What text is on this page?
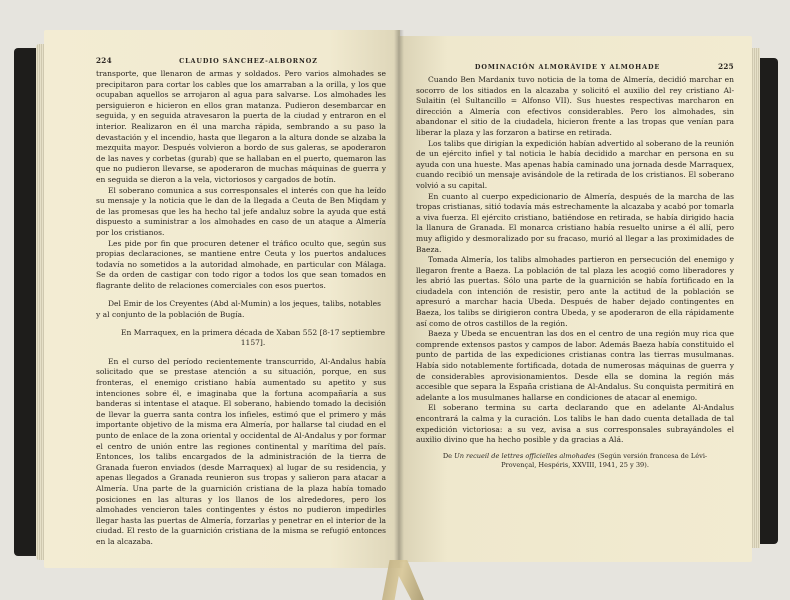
224	CLAUDIO SÁNCHEZ-ALBORNOZ

transporte, que llenaron de armas y soldados. Pero varios almohades se precipitaron para cortar los cables que los amarraban a la orilla, y los que ocupaban aquellos se arrojaron al agua para salvarse. Los almohades les persiguieron e hicieron en ellos gran matanza. Pudieron desembarcar en seguida, y en seguida atravesaron la puerta de la ciudad y entraron en el interior. Realizaron en él una marcha rápida, sembrando a su paso la devastación y el incendio, hasta que llegaron a la altura donde se alzaba la mezquita mayor. Después volvieron a bordo de sus galeras, se apoderaron de las naves y corbetas (gurab) que se hallaban en el puerto, quemaron las que no pudieron llevarse, se apoderaron de muchas máquinas de guerra y en seguida se dieron a la vela, victoriosos y cargados de botín.

El soberano comunica a sus corresponsales el interés con que ha leído su mensaje y la noticia que le dan de la llegada a Ceuta de Ben Miqdam y de las promesas que les ha hecho tal jefe andaluz sobre la ayuda que está dispuesto a suministrar a los almohades en caso de un ataque a Almería por los cristianos.

Les pide por fin que procuren detener el tráfico oculto que, según sus propias declaraciones, se mantiene entre Ceuta y los puertos andaluces todavía no sometidos a la autoridad almohade, en particular con Málaga. Se da orden de castigar con todo rigor a todos los que sean tomados en flagrante delito de relaciones comerciales con esos puertos.

Del Emir de los Creyentes (Abd al-Mumin) a los jeques, talibs, notables y al conjunto de la población de Bugía.

En Marraquex, en la primera década de Xaban 552 [8-17 septiembre 1157].

En el curso del período recientemente transcurrido, Al-Andalus había solicitado que se prestase atención a su situación, porque, en sus fronteras, el enemigo cristiano había aumentado su apetito y sus intenciones sobre él, e imaginaba que la fortuna acompañaría a sus banderas si intentase el ataque. El soberano, habiendo tomado la decisión de llevar la guerra santa contra los infieles, estimó que el primero y más importante objetivo de la misma era Almería, por hallarse tal ciudad en el punto de enlace de la zona oriental y occidental de Al-Andalus y por formar el centro de unión entre las regiones continental y marítima del país. Entonces, los talibs encargados de la administración de la tierra de Granada fueron enviados (desde Marraquex) al lugar de su residencia, y apenas llegados a Granada reunieron sus tropas y salieron para atacar a Almería. Una parte de la guarnición cristiana de la plaza había tomado posiciones en las alturas y los llanos de los alrededores, pero los almohades vencieron tales contingentes y éstos no pudieron impedirles llegar hasta las puertas de Almería, forzarlas y penetrar en el interior de la ciudad. El resto de la guarnición cristiana de la misma se refugió entonces en la alcazaba.

DOMINACIÓN ALMORÁVIDE Y ALMOHADE	225

Cuando Ben Mardanix tuvo noticia de la toma de Almería, decidió marchar en socorro de los sitiados en la alcazaba y solicitó el auxilio del rey cristiano Al-Sulaitin (el Sultancillo = Alfonso VII). Sus huestes respectivas marcharon en dirección a Almería con efectivos considerables. Pero los almohades, sin abandonar el sitio de la ciudadela, hicieron frente a las tropas que venían para liberar la plaza y las forzaron a batirse en retirada.

Los talibs que dirigían la expedición habían advertido al soberano de la reunión de un ejército infiel y tal noticia le había decidido a marchar en persona en su ayuda con una hueste. Mas apenas había caminado una jornada desde Marraquex, cuando recibió un mensaje avisándole de la retirada de los cristianos. El soberano volvió a su capital.

En cuanto al cuerpo expedicionario de Almería, después de la marcha de las tropas cristianas, sitió todavía más estrechamente la alcazaba y acabó por tomarla a viva fuerza. El ejército cristiano, batiéndose en retirada, se había dirigido hacia la llanura de Granada. El monarca cristiano había resuelto unirse a él allí, pero muy afligido y desmoralizado por su fracaso, murió al llegar a las proximidades de Baeza.

Tomada Almería, los talibs almohades partieron en persecución del enemigo y llegaron frente a Baeza. La población de tal plaza les acogió como liberadores y les abrió las puertas. Sólo una parte de la guarnición se había fortificado en la ciudadela con intención de resistir, pero ante la actitud de la población se apresuró a marchar hacia Ubeda. Después de haber dejado contingentes en Baeza, los talibs se dirigieron contra Ubeda, y se apoderaron de ella rápidamente así como de otros castillos de la región.

Baeza y Ubeda se encuentran las dos en el centro de una región muy rica que comprende extensos pastos y campos de labor. Además Baeza había constituido el punto de partida de las expediciones cristianas contra las tierras musulmanas. Había sido notablemente fortificada, dotada de numerosas máquinas de guerra y de considerables aprovisionamientos. Desde ella se domina la región más accesible que separa la España cristiana de Al-Andalus. Su conquista permitirá en adelante a los musulmanes hallarse en condiciones de atacar al enemigo.

El soberano termina su carta declarando que en adelante Al-Andalus encontrará la calma y la curación. Los talibs le han dado cuenta detallada de tal expedición victoriosa: a su vez, avisa a sus corresponsales subrayándoles el auxilio divino que ha hecho posible y da gracias a Alá.

De Un recueil de lettres officielles almohades (Según versión francesa de Lévi-Provençal, Hespéris, XXVIII, 1941, 25 y 39).
